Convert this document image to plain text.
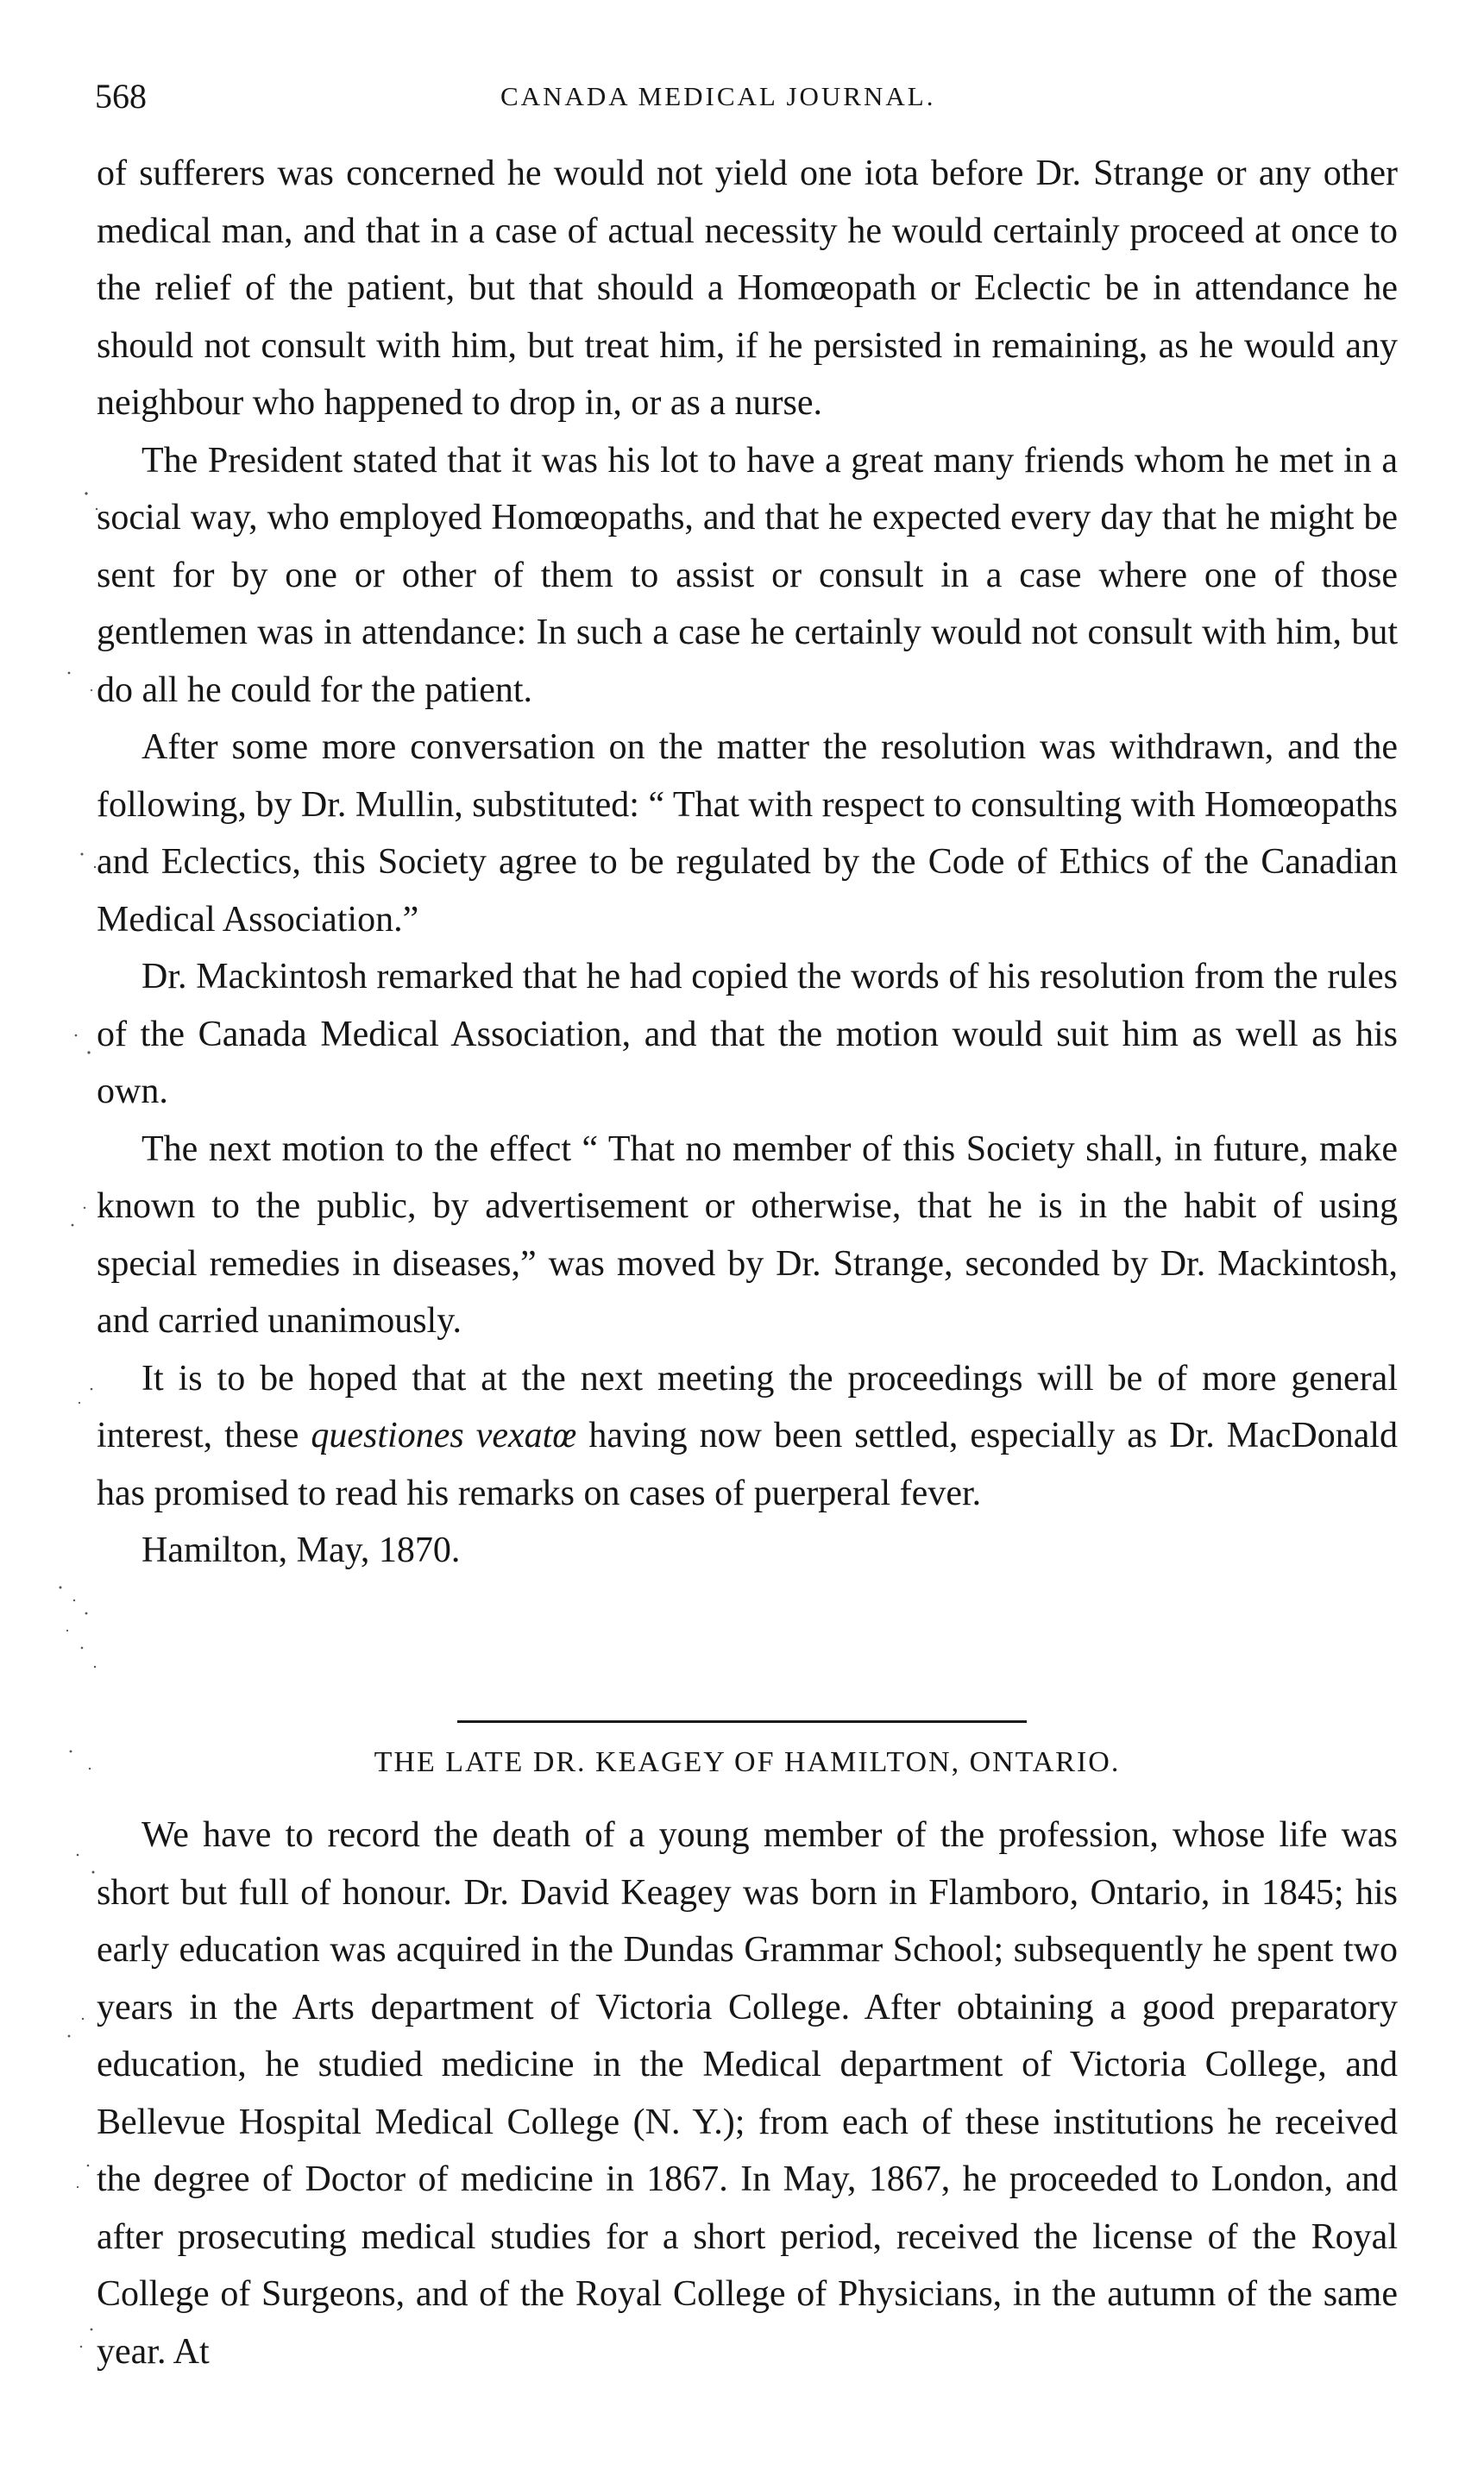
568	CANADA MEDICAL JOURNAL.

of sufferers was concerned he would not yield one iota before Dr. Strange or any other medical man, and that in a case of actual necessity he would certainly proceed at once to the relief of the patient, but that should a Homœopath or Eclectic be in attendance he should not consult with him, but treat him, if he persisted in remaining, as he would any neighbour who happened to drop in, or as a nurse.

The President stated that it was his lot to have a great many friends whom he met in a social way, who employed Homœopaths, and that he expected every day that he might be sent for by one or other of them to assist or consult in a case where one of those gentlemen was in attendance: In such a case he certainly would not consult with him, but do all he could for the patient.

After some more conversation on the matter the resolution was withdrawn, and the following, by Dr. Mullin, substituted: “ That with respect to consulting with Homœopaths and Eclectics, this Society agree to be regulated by the Code of Ethics of the Canadian Medical Association.”

Dr. Mackintosh remarked that he had copied the words of his resolution from the rules of the Canada Medical Association, and that the motion would suit him as well as his own.

The next motion to the effect “ That no member of this Society shall, in future, make known to the public, by advertisement or otherwise, that he is in the habit of using special remedies in diseases,” was moved by Dr. Strange, seconded by Dr. Mackintosh, and carried unanimously.

It is to be hoped that at the next meeting the proceedings will be of more general interest, these questiones vexatœ having now been settled, especially as Dr. MacDonald has promised to read his remarks on cases of puerperal fever.

Hamilton, May, 1870.

THE LATE DR. KEAGEY OF HAMILTON, ONTARIO.

We have to record the death of a young member of the profession, whose life was short but full of honour. Dr. David Keagey was born in Flamboro, Ontario, in 1845; his early education was acquired in the Dundas Grammar School; subsequently he spent two years in the Arts department of Victoria College. After obtaining a good preparatory education, he studied medicine in the Medical department of Victoria College, and Bellevue Hospital Medical College (N. Y.); from each of these institutions he received the degree of Doctor of medicine in 1867. In May, 1867, he proceeded to London, and after prosecuting medical studies for a short period, received the license of the Royal College of Surgeons, and of the Royal College of Physicians, in the autumn of the same year. At
